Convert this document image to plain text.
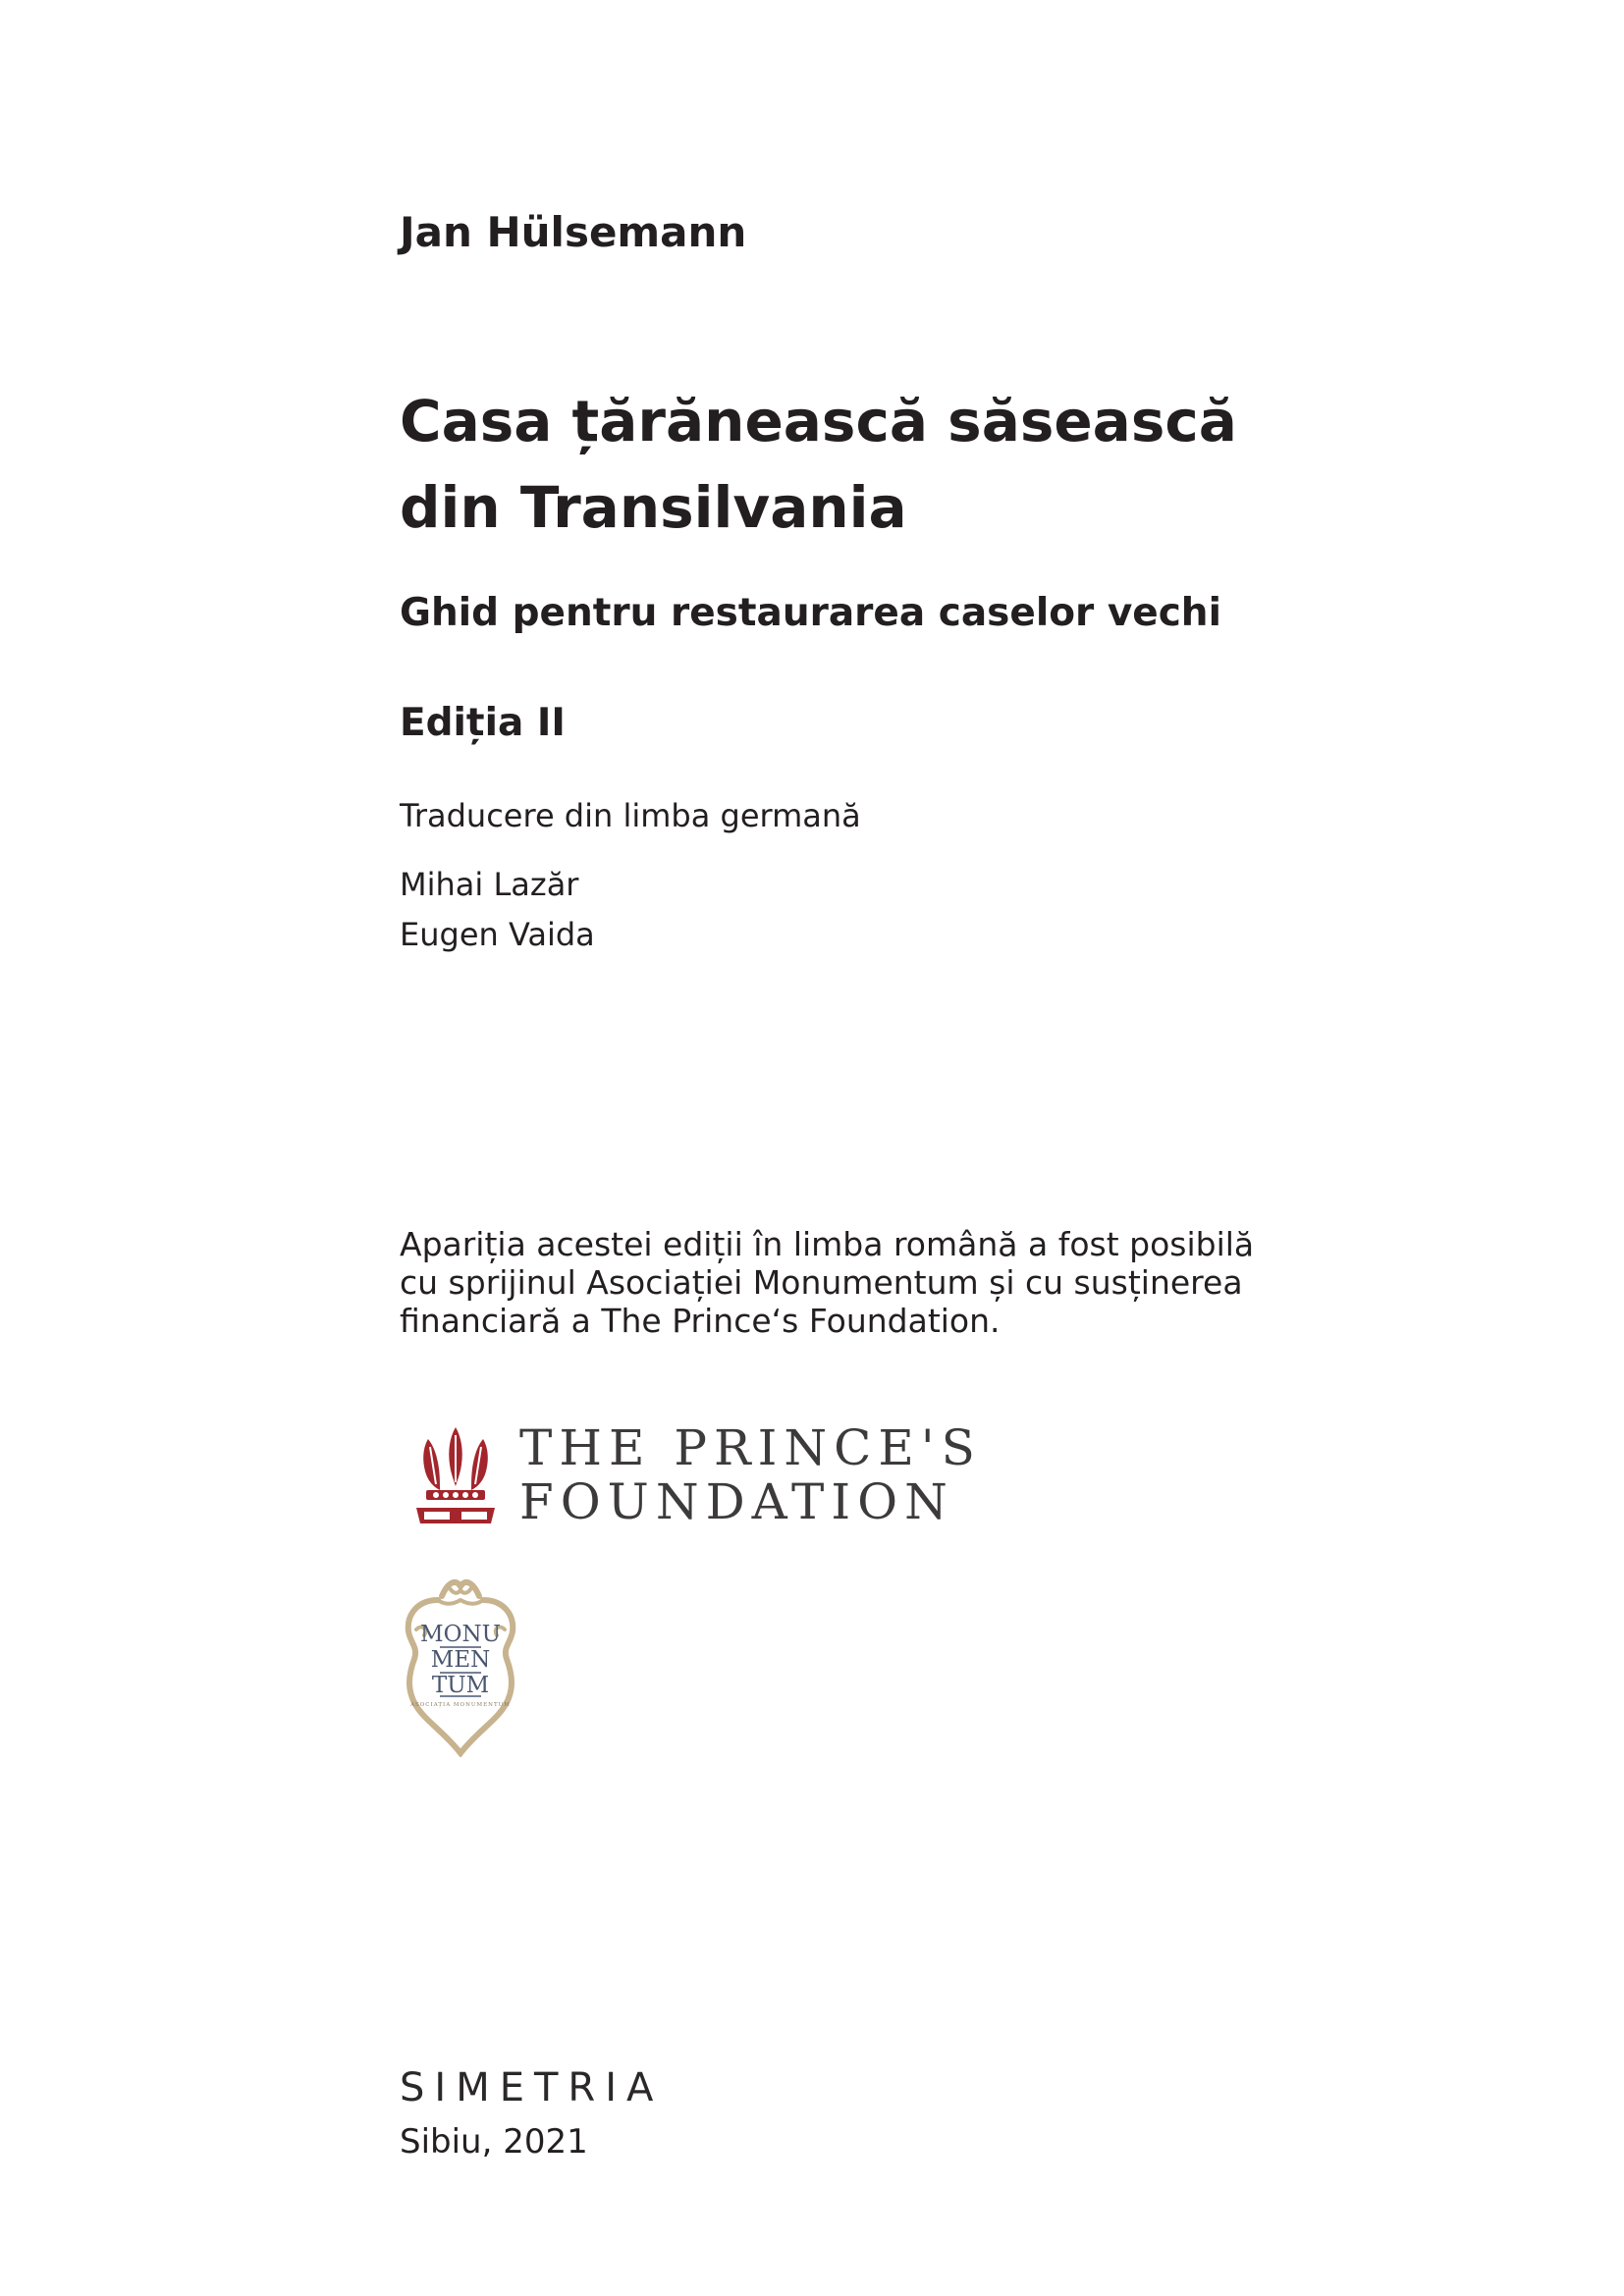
Jan Hülsemann
Casa țărănească săsească
din Transilvania
Ghid pentru restaurarea caselor vechi
Ediția II

Traducere din limba germană

Mihai Lazăr
Eugen Vaida

Apariția acestei ediții în limba română a fost posibilă
cu sprijinul Asociației Monumentum și cu susținerea
financiară a The Prince‘s Foundation.

THE PRINCE'S
FOUNDATION
MONU
MEN
TUM
ASOCIAȚIA MONUMENTUM

SIMETRIA

Sibiu, 2021
